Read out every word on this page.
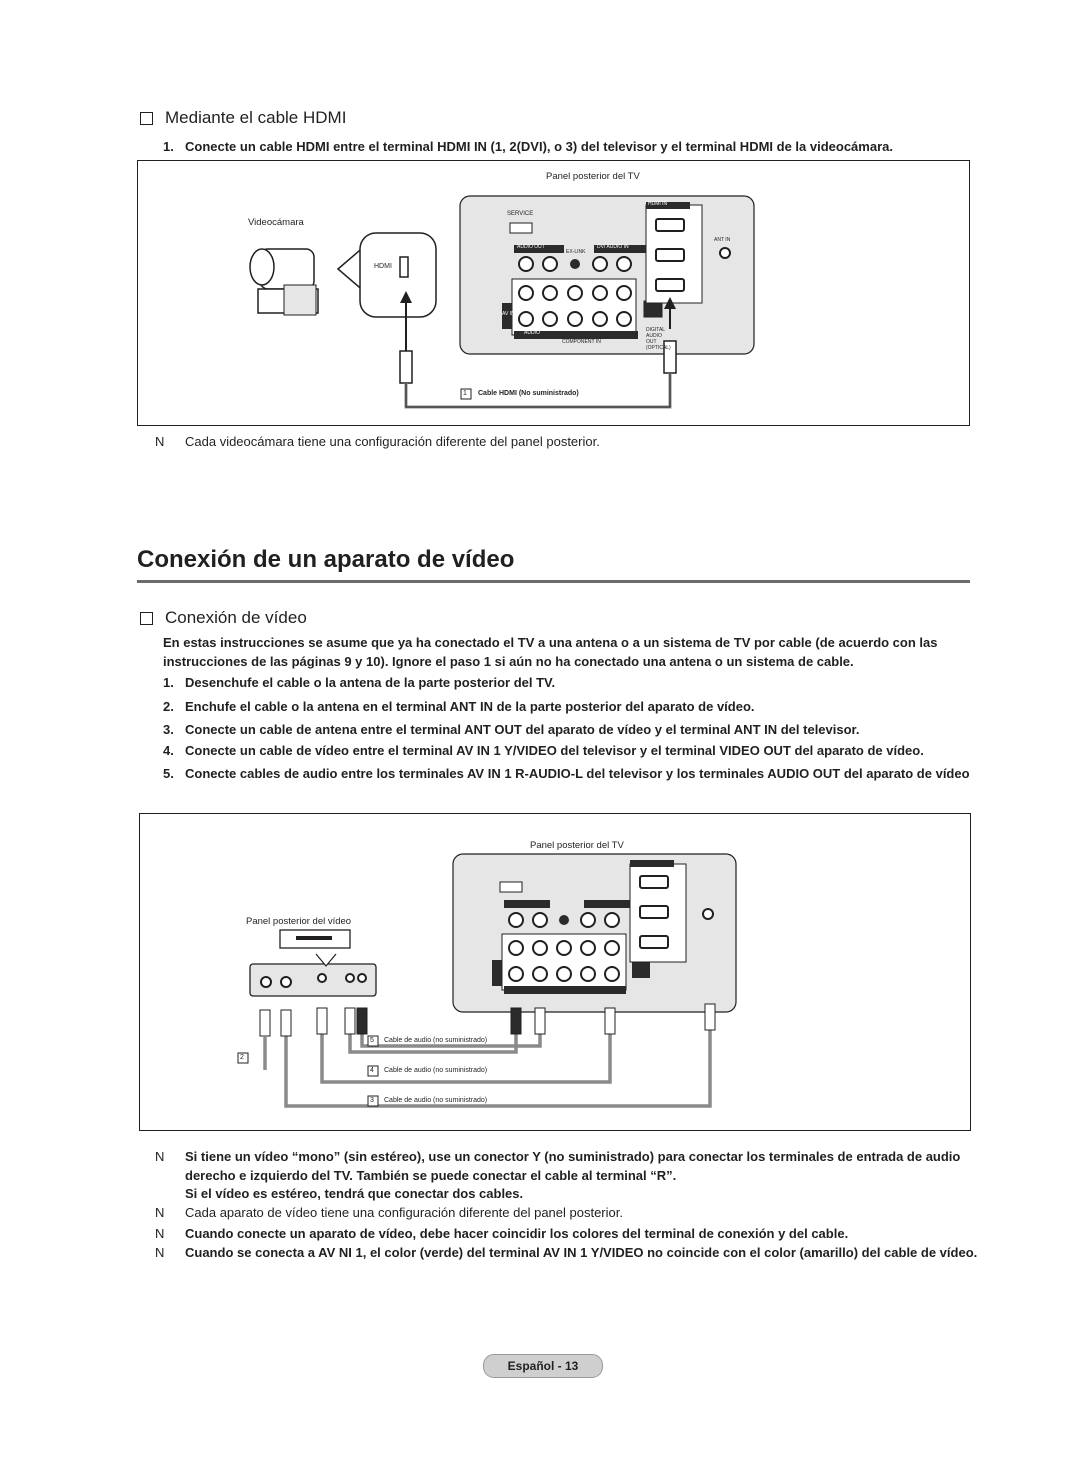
Mediante el cable HDMI
1. Conecte un cable HDMI entre el terminal HDMI IN (1, 2(DVI), o 3) del televisor y el terminal HDMI de la videocámara.
Panel posterior del TV
Videocámara
HDMI
SERVICE
HDMI IN
ANT IN
AUDIO OUT	DVI AUDIO IN
EX-LINK
AUDIO
COMPONENT IN
DIGITAL AUDIO OUT (OPTICAL)
AV IN
1 Cable HDMI (No suministrado)
N	Cada videocámara tiene una configuración diferente del panel posterior.
Conexión de un aparato de vídeo
Conexión de vídeo
En estas instrucciones se asume que ya ha conectado el TV a una antena o a un sistema de TV por cable (de acuerdo con las instrucciones de las páginas 9 y 10). Ignore el paso 1 si aún no ha conectado una antena o un sistema de cable.
1. Desenchufe el cable o la antena de la parte posterior del TV.
2. Enchufe el cable o la antena en el terminal ANT IN de la parte posterior del aparato de vídeo.
3. Conecte un cable de antena entre el terminal ANT OUT del aparato de vídeo y el terminal ANT IN del televisor.
4. Conecte un cable de vídeo entre el terminal AV IN 1 Y/VIDEO del televisor y el terminal VIDEO OUT del aparato de vídeo.
5. Conecte cables de audio entre los terminales AV IN 1 R-AUDIO-L del televisor y los terminales AUDIO OUT del aparato de vídeo
Panel posterior del TV
Panel posterior del vídeo
5 Cable de audio (no suministrado)
4 Cable de audio (no suministrado)
3 Cable de audio (no suministrado)
2
N	Si tiene un vídeo “mono” (sin estéreo), use un conector Y (no suministrado) para conectar los terminales de entrada de audio derecho e izquierdo del TV. También se puede conectar el cable al terminal “R”.
Si el vídeo es estéreo, tendrá que conectar dos cables.
N	Cada aparato de vídeo tiene una configuración diferente del panel posterior.
N	Cuando conecte un aparato de vídeo, debe hacer coincidir los colores del terminal de conexión y del cable.
N	Cuando se conecta a AV NI 1, el color (verde) del terminal AV IN 1 Y/VIDEO no coincide con el color (amarillo) del cable de vídeo.
Español - 13
